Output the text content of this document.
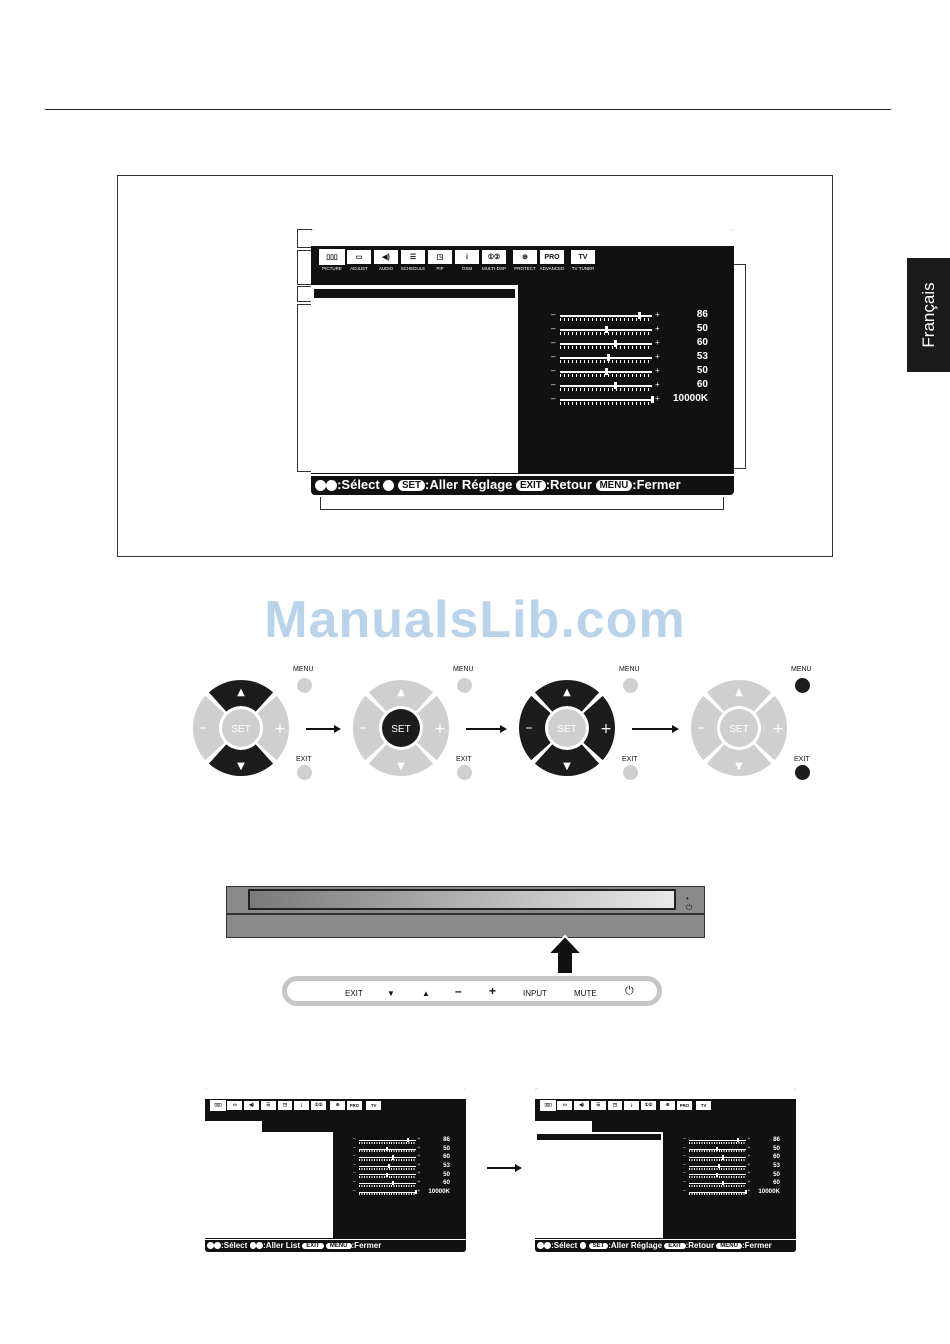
Français
▯▯▯
PICTURE
▭
ADJUST
◀)
AUDIO
☰
SCHEDULE
◳
PIP
i
OSM
①②
MULTI-DSP
⊕
PROTECT
PRO
ADVANCED
TV
TV TUNER
–	+	86
–	+	50
–	+	60
–	+	53
–	+	50
–	+	60
–	+ 10000K
:Sélect SET :Aller Réglage EXIT :Retour MENU :Fermer
ManualsLib.com
SET
▲
▼
–	+
MENU
EXIT
SET
▲
▼
–	+
MENU
EXIT
SET
▲
▼
–	+
MENU
EXIT
SET
▲
▼
–	+
MENU
EXIT
•
⏻
EXIT	▼	▲ – +	INPUT	MUTE	⏻
▯▯▯	▭	◀)	☰	◳	i	①②	⊕	PRO	TV
–	+	86
–	+	50
–	+	60
–	+	53
–	+	50
–	+	60
–	+ 10000K
:Sélect :Aller List EXIT MENU :Fermer
▯▯▯	▭	◀)	☰	◳	i	①②	⊕	PRO	TV
–	+	86
–	+	50
–	+	60
–	+	53
–	+	50
–	+	60
–	+ 10000K
:Sélect	SET :Aller Réglage EXIT :Retour MENU :Fermer
